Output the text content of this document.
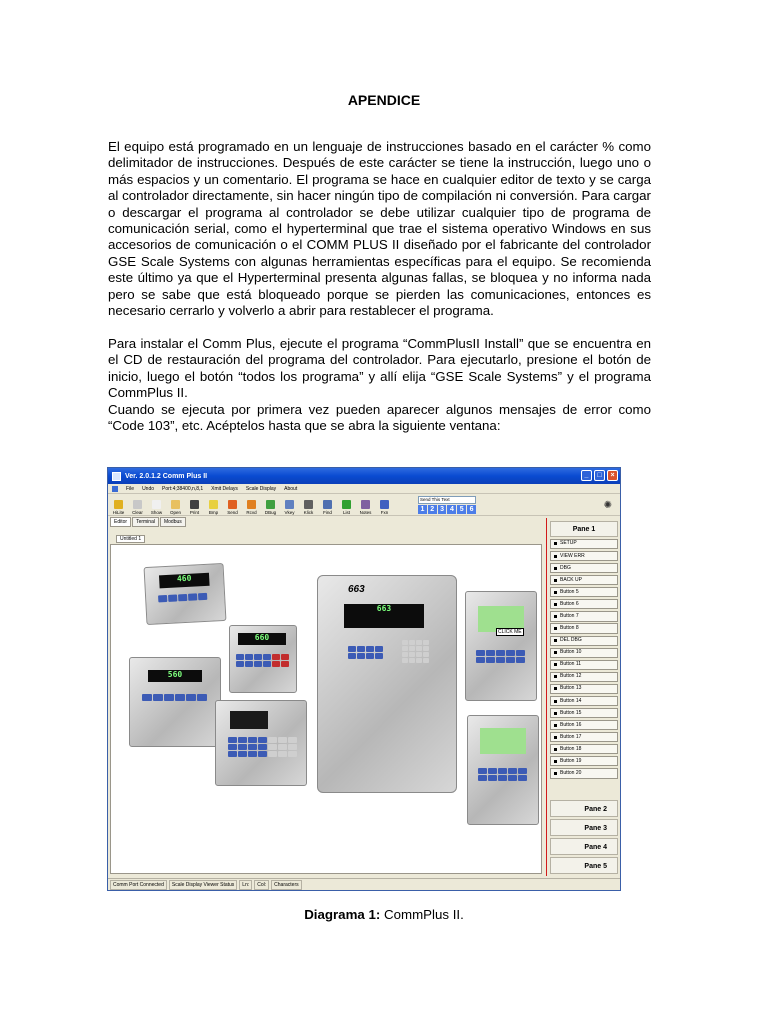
APENDICE

El equipo está programado en un lenguaje de instrucciones basado en el carácter % como delimitador de instrucciones. Después de este carácter se tiene la instrucción, luego uno o más espacios y un comentario. El programa se hace en cualquier editor de texto y se carga al controlador directamente, sin hacer ningún tipo de compilación ni conversión. Para cargar o descargar el programa al controlador se debe utilizar cualquier tipo de programa de comunicación serial, como el hyperterminal que trae el sistema operativo Windows en sus accesorios de comunicación o el COMM PLUS II diseñado por el fabricante del controlador GSE Scale Systems con algunas herramientas específicas para el equipo. Se recomienda este último ya que el Hyperterminal presenta algunas fallas, se bloquea y no informa nada pero se sabe que está bloqueado porque se pierden las comunicaciones, entonces es necesario cerrarlo y volverlo a abrir para restablecer el programa.

Para instalar el Comm Plus, ejecute el programa “CommPlusII Install” que se encuentra en el CD de restauración del programa del controlador. Para ejecutarlo, presione el botón de inicio, luego el botón “todos los programa” y allí elija “GSE Scale Systems” y el programa CommPlus II.

Cuando se ejecuta por primera vez pueden aparecer algunos mensajes de error como “Code 103”, etc. Acéptelos hasta que se abra la siguiente ventana:

Ver. 2.0.1.2 Comm Plus II	_	□	×
File Undo Port:4;38400,n,8,1 Xmit Delays Scale Display About
HiLite Clear Show Open Print Bmp Send Rcvd DBug Vkey Klick Find List Notes Fxn
Send This Text
1 2 3 4 5 6	✺
Editor	Terminal	Modbus
Untitled 1
460
660
560
663
663
CLICK ME
Pane 1
SETUP
VIEW ERR
DBG
BACK UP
Button 5
Button 6
Button 7
Button 8
DEL DBG
Button 10
Button 11
Button 12
Button 13
Button 14
Button 15
Button 16
Button 17
Button 18
Button 19
Button 20
Pane 2
Pane 3
Pane 4
Pane 5
Comm Port Connected	Scale Display Viewer Status	Ln:	Col:	Characters
Diagrama 1: CommPlus II.
